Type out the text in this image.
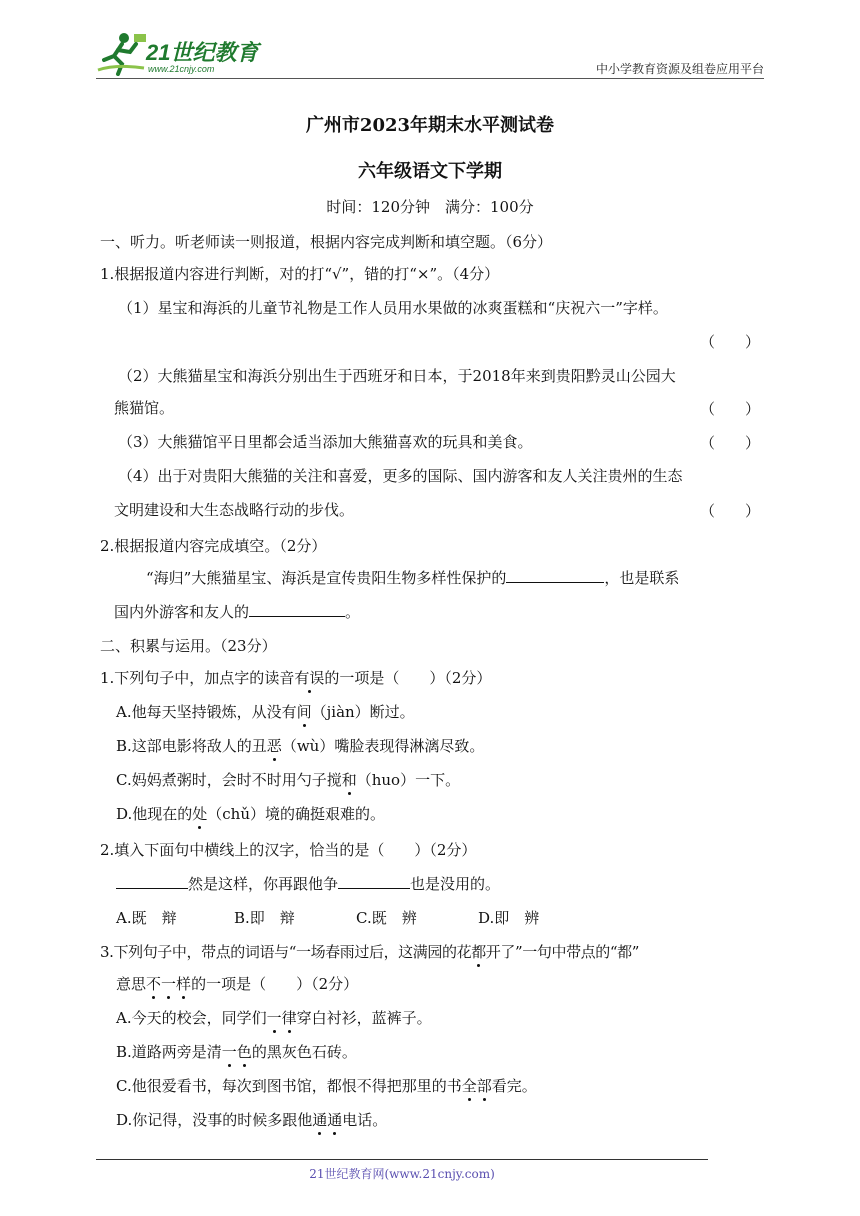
21世纪教育
www.21cnjy.com	中小学教育资源及组卷应用平台
广州市2023年期末水平测试卷
六年级语文下学期
时间：120分钟　满分：100分
一、听力。听老师读一则报道，根据内容完成判断和填空题。（6分）
1.根据报道内容进行判断，对的打“√”，错的打“×”。（4分）
（1）星宝和海浜的儿童节礼物是工作人员用水果做的冰爽蛋糕和“庆祝六一”字样。
（　　）
（2）大熊猫星宝和海浜分别出生于西班牙和日本，于2018年来到贵阳黔灵山公园大
熊猫馆。	（　　）
（3）大熊猫馆平日里都会适当添加大熊猫喜欢的玩具和美食。	（　　）
（4）出于对贵阳大熊猫的关注和喜爱，更多的国际、国内游客和友人关注贵州的生态
文明建设和大生态战略行动的步伐。	（　　）
2.根据报道内容完成填空。（2分）
“海归”大熊猫星宝、海浜是宣传贵阳生物多样性保护的	，也是联系
国内外游客和友人的	。
二、积累与运用。（23分）
1.下列句子中，加点字的读音有误的一项是（　　）（2分）
A.他每天坚持锻炼，从没有间（jiàn）断过。
B.这部电影将敌人的丑恶（wù）嘴脸表现得淋漓尽致。
C.妈妈煮粥时，会时不时用勺子搅和（huo）一下。
D.他现在的处（chǔ）境的确挺艰难的。
2.填入下面句中横线上的汉字，恰当的是（　　）（2分）
然是这样，你再跟他争	也是没用的。
A.既　辩	B.即　辩	C.既　辨	D.即　辨
3.下列句子中，带点的词语与“一场春雨过后，这满园的花都开了”一句中带点的“都”
意思不一样的一项是（　　）（2分）
A.今天的校会，同学们一律穿白衬衫，蓝裤子。
B.道路两旁是清一色的黑灰色石砖。
C.他很爱看书，每次到图书馆，都恨不得把那里的书全部看完。
D.你记得，没事的时候多跟他通通电话。
21世纪教育网(www.21cnjy.com)
